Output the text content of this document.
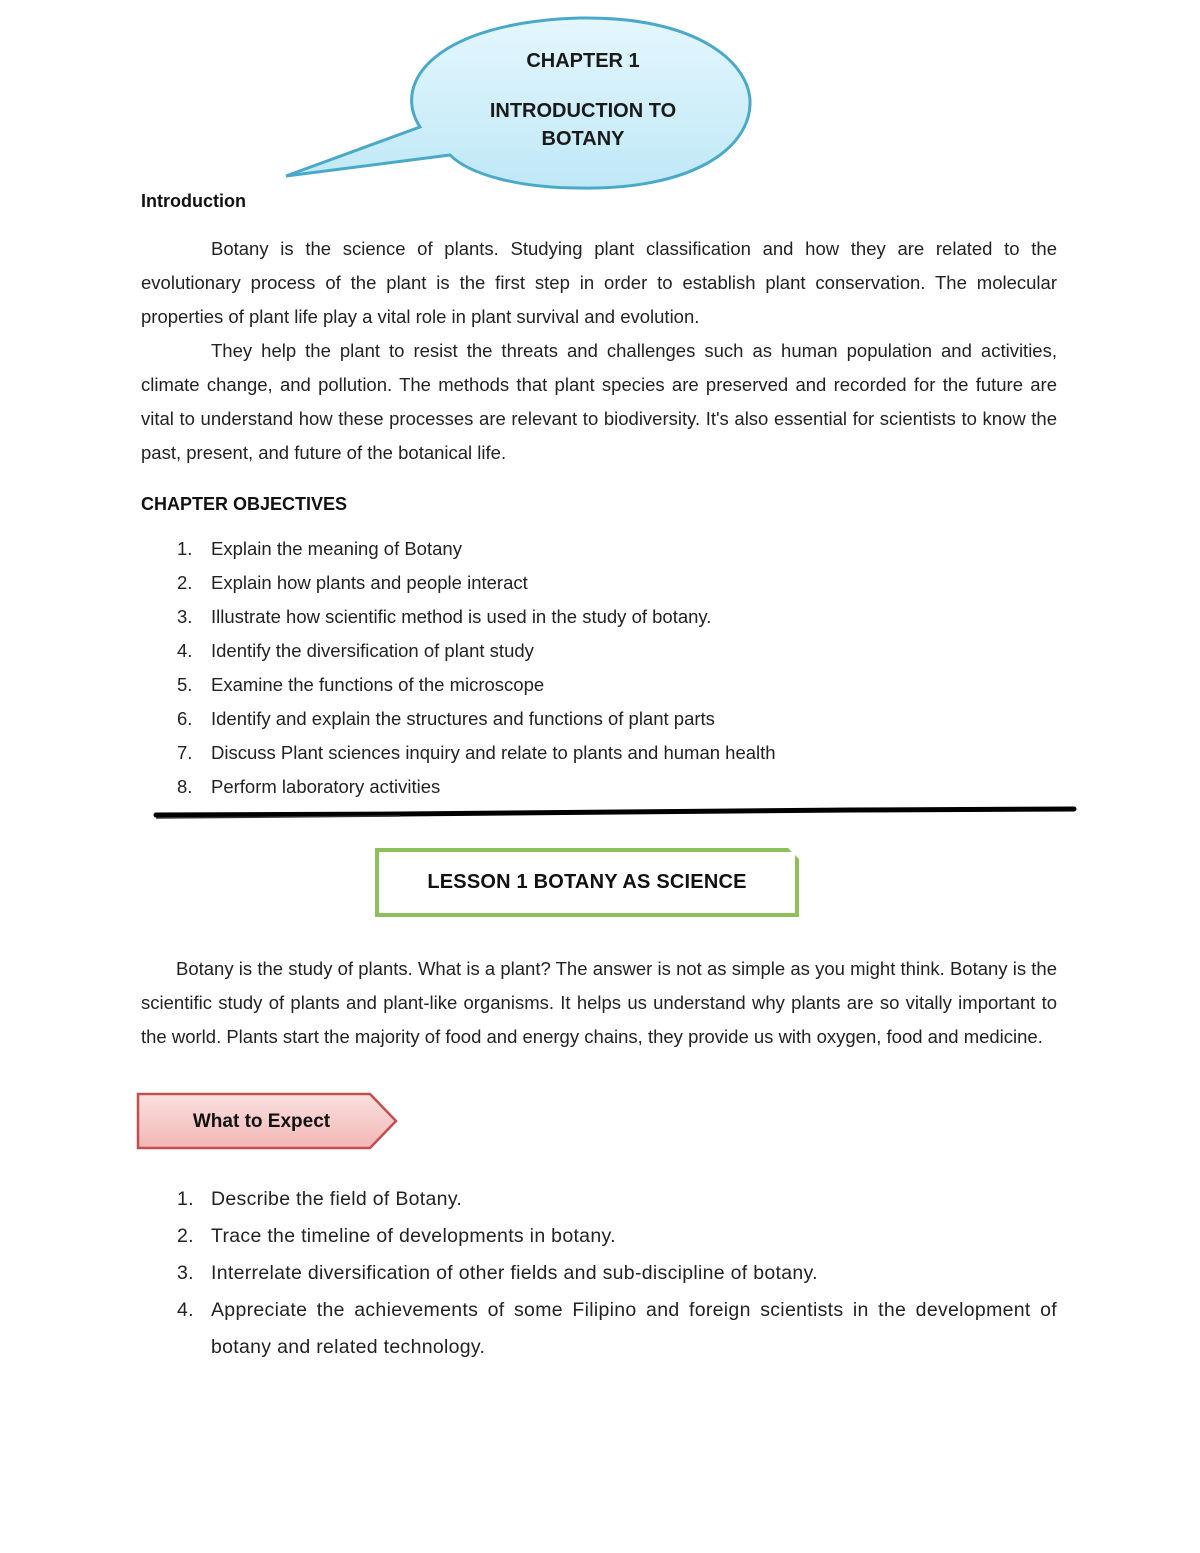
CHAPTER 1
INTRODUCTION TO
BOTANY
Introduction
Botany is the science of plants. Studying plant classification and how they are related to the evolutionary process of the plant is the first step in order to establish plant conservation. The molecular properties of plant life play a vital role in plant survival and evolution.
They help the plant to resist the threats and challenges such as human population and activities, climate change, and pollution. The methods that plant species are preserved and recorded for the future are vital to understand how these processes are relevant to biodiversity. It's also essential for scientists to know the past, present, and future of the botanical life.
CHAPTER OBJECTIVES
1. Explain the meaning of Botany
2. Explain how plants and people interact
3. Illustrate how scientific method is used in the study of botany.
4. Identify the diversification of plant study
5. Examine the functions of the microscope
6. Identify and explain the structures and functions of plant parts
7. Discuss Plant sciences inquiry and relate to plants and human health
8. Perform laboratory activities
LESSON 1 BOTANY AS SCIENCE
Botany is the study of plants. What is a plant? The answer is not as simple as you might think. Botany is the scientific study of plants and plant-like organisms. It helps us understand why plants are so vitally important to the world. Plants start the majority of food and energy chains, they provide us with oxygen, food and medicine.
What to Expect
1. Describe the field of Botany.
2. Trace the timeline of developments in botany.
3. Interrelate diversification of other fields and sub-discipline of botany.
4. Appreciate the achievements of some Filipino and foreign scientists in the development of botany and related technology.
